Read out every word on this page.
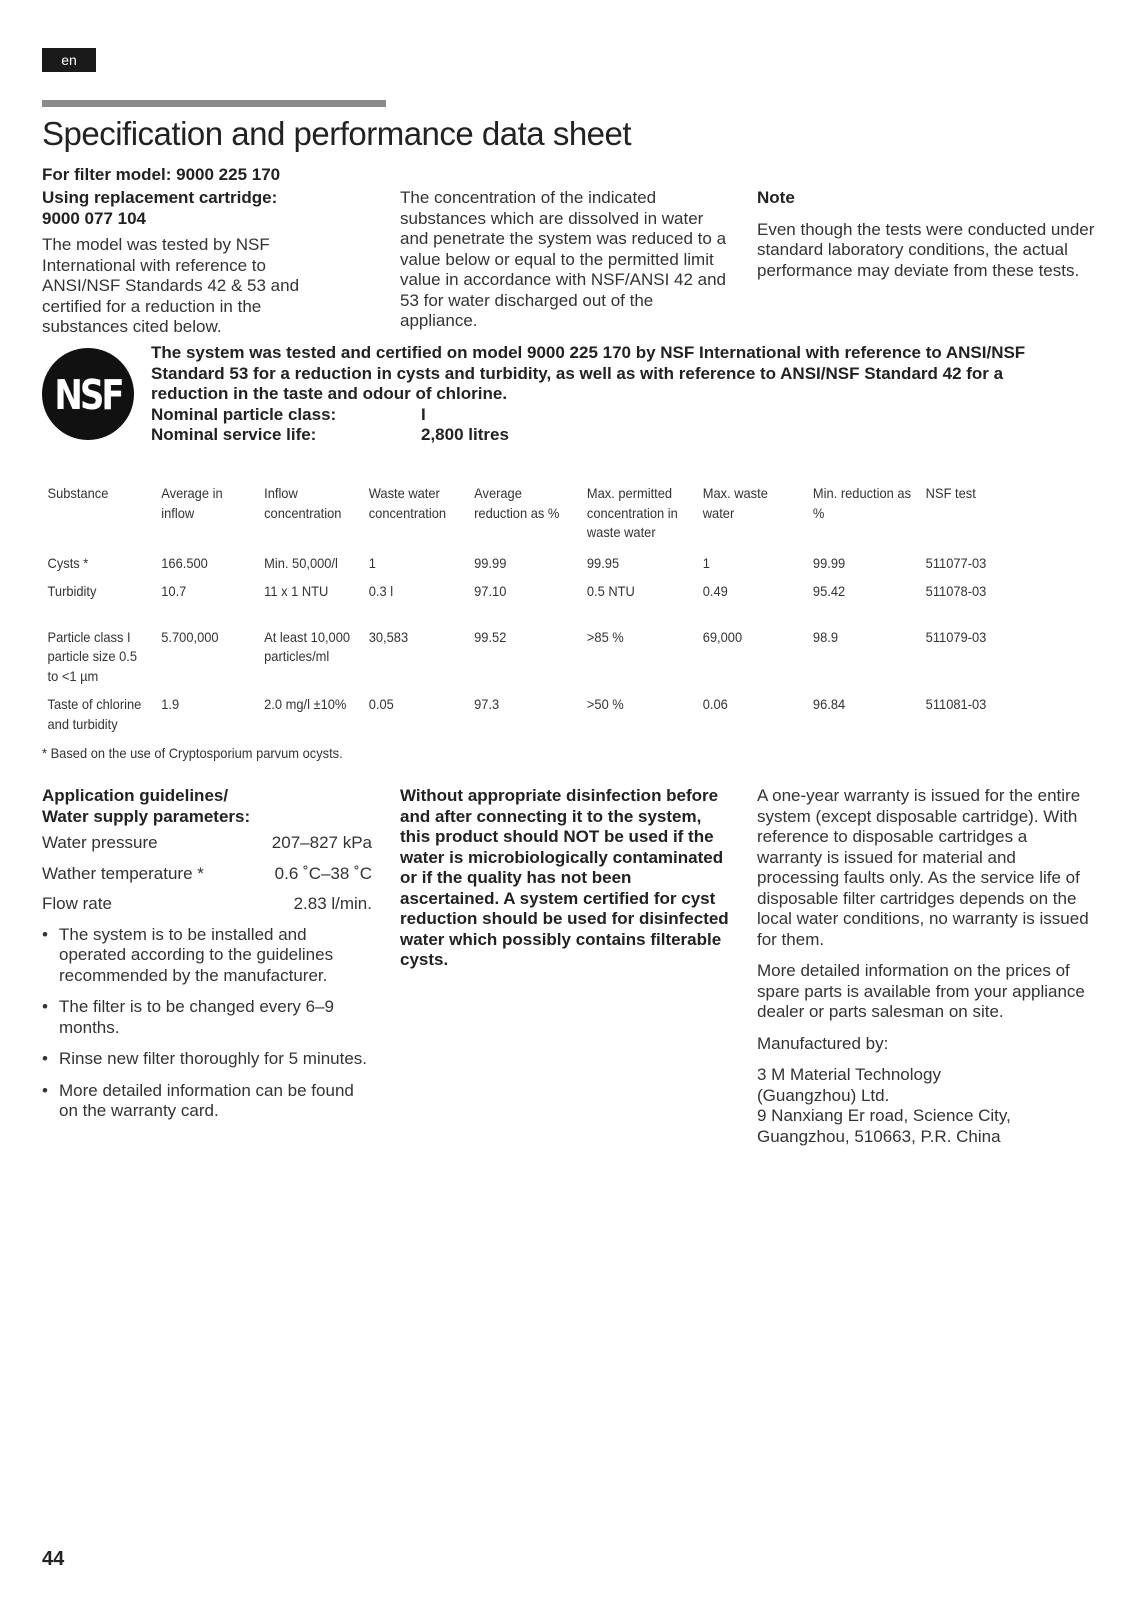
en
Specification and performance data sheet
For filter model: 9000 225 170

Using replacement cartridge:

9000 077 104

The model was tested by NSF International with reference to ANSI/NSF Standards 42 & 53 and certified for a reduction in the substances cited below.

The concentration of the indicated substances which are dissolved in water and penetrate the system was reduced to a value below or equal to the permitted limit value in accordance with NSF/ANSI 42 and 53 for water discharged out of the appliance.

Note

Even though the tests were conducted under standard laboratory conditions, the actual performance may deviate from these tests.
NSF
The system was tested and certified on model 9000 225 170 by NSF International with reference to ANSI/NSF Standard 53 for a reduction in cysts and turbidity, as well as with reference to ANSI/NSF Standard 42 for a reduction in the taste and odour of chlorine.
Nominal particle class:	I
Nominal service life:	2,800 litres
Substance	Average in inflow	Inflow concentration	Waste water concentration	Average reduction as %	Max. permitted concentration in waste water	Max. waste water	Min. reduction as %	NSF test
Cysts *	166.500	Min. 50,000/l	1	99.99	99.95	1	99.99	511077-03
Turbidity	10.7	11 x 1 NTU	0.3 l	97.10	0.5 NTU	0.49	95.42	511078-03
Particle class I particle size 0.5 to <1 µm	5.700,000	At least 10,000 particles/ml	30,583	99.52	>85 %	69,000	98.9	511079-03
Taste of chlorine and turbidity	1.9	2.0 mg/l ±10%	0.05	97.3	>50 %	0.06	96.84	511081-03
* Based on the use of Cryptosporium parvum ocysts.

Application guidelines/
Water supply parameters:

Water pressure	207–827 kPa
Wather temperature *	0.6 ˚C–38 ˚C
Flow rate	2.83 l/min.
• The system is to be installed and operated according to the guidelines recommended by the manufacturer.
• The filter is to be changed every 6–9 months.
• Rinse new filter thoroughly for 5 minutes.
• More detailed information can be found on the warranty card.
Without appropriate disinfection before and after connecting it to the system, this product should NOT be used if the water is microbiologically contaminated or if the quality has not been ascertained. A system certified for cyst reduction should be used for disinfected water which possibly contains filterable cysts.

A one-year warranty is issued for the entire system (except disposable cartridge). With reference to disposable cartridges a warranty is issued for material and processing faults only. As the service life of disposable filter cartridges depends on the local water conditions, no warranty is issued for them.

More detailed information on the prices of spare parts is available from your appliance dealer or parts salesman on site.

Manufactured by:

3 M Material Technology
(Guangzhou) Ltd.
9 Nanxiang Er road, Science City,
Guangzhou, 510663, P.R. China

44
